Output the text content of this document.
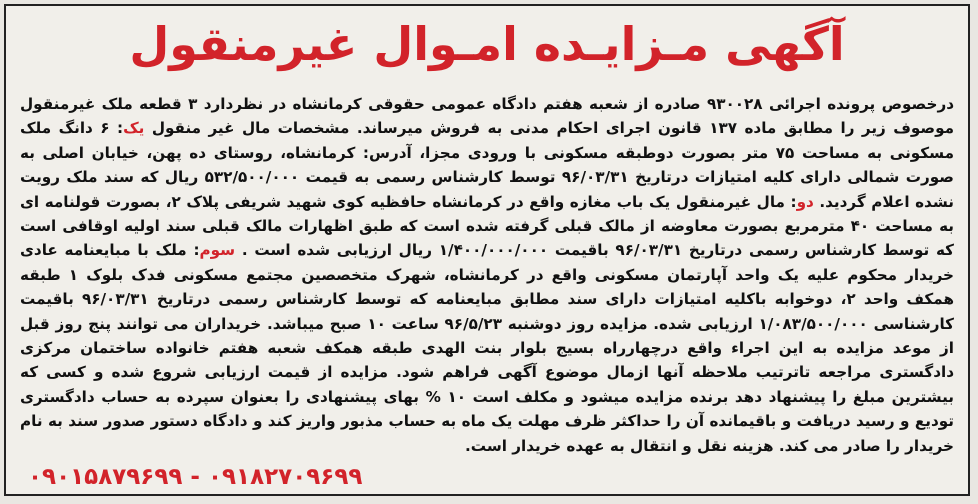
آگهی مـزایـده امـوال غیرمنقول
درخصوص پرونده اجرائی ۹۳۰۰۲۸ صادره از شعبه هفتم دادگاه عمومی حقوقی کرمانشاه در نظردارد ۳ قطعه ملک غیرمنقول موصوف زیر را مطابق ماده ۱۳۷ قانون اجرای احکام مدنی به فروش میرساند. مشخصات مال غیر منقول یک: ۶ دانگ ملک مسکونی به مساحت ۷۵ متر بصورت دوطبقه مسکونی با ورودی مجزا، آدرس: کرمانشاه، روستای ده پهن، خیابان اصلی به صورت شمالی دارای کلیه امتیازات درتاریخ ۹۶/۰۳/۳۱ توسط کارشناس رسمی به قیمت ۵۳۲/۵۰۰/۰۰۰ ریال که سند ملک رویت نشده اعلام گردید. دو: مال غیرمنقول یک باب مغازه واقع در کرمانشاه حافظیه کوی شهید شریفی پلاک ۲، بصورت قولنامه ای به مساحت ۴۰ مترمربع بصورت معاوضه از مالک قبلی گرفته شده است که طبق اظهارات مالک قبلی سند اولیه اوقافی است که توسط کارشناس رسمی درتاریخ ۹۶/۰۳/۳۱ باقیمت ۱/۴۰۰/۰۰۰/۰۰۰ ریال ارزیابی شده است . سوم: ملک با مبایعنامه عادی خریدار محکوم علیه یک واحد آپارتمان مسکونی واقع در کرمانشاه، شهرک متخصصین مجتمع مسکونی فدک بلوک ۱ طبقه همکف واحد ۲، دوخوابه باکلیه امتیازات دارای سند مطابق مبایعنامه که توسط کارشناس رسمی درتاریخ ۹۶/۰۳/۳۱ باقیمت کارشناسی ۱/۰۸۳/۵۰۰/۰۰۰ ارزیابی شده. مزایده روز دوشنبه ۹۶/۵/۲۳ ساعت ۱۰ صبح میباشد. خریداران می توانند پنج روز قبل از موعد مزایده به این اجراء واقع درچهارراه بسیج بلوار بنت الهدی طبقه همکف شعبه هفتم خانواده ساختمان مرکزی دادگستری مراجعه تاترتیب ملاحظه آنها ازمال موضوع آگهی فراهم شود. مزایده از قیمت ارزیابی شروع شده و کسی که بیشترین مبلغ را پیشنهاد دهد برنده مزایده میشود و مکلف است ۱۰ % بهای پیشنهادی را بعنوان سپرده به حساب دادگستری تودیع و رسید دریافت و باقیمانده آن را حداکثر ظرف مهلت یک ماه به حساب مذبور واریز کند و دادگاه دستور صدور سند به نام خریدار را صادر می کند. هزینه نقل و انتقال به عهده خریدار است.
۰۹۰۱۵۸۷۹۶۹۹ - ۰۹۱۸۲۷۰۹۶۹۹
